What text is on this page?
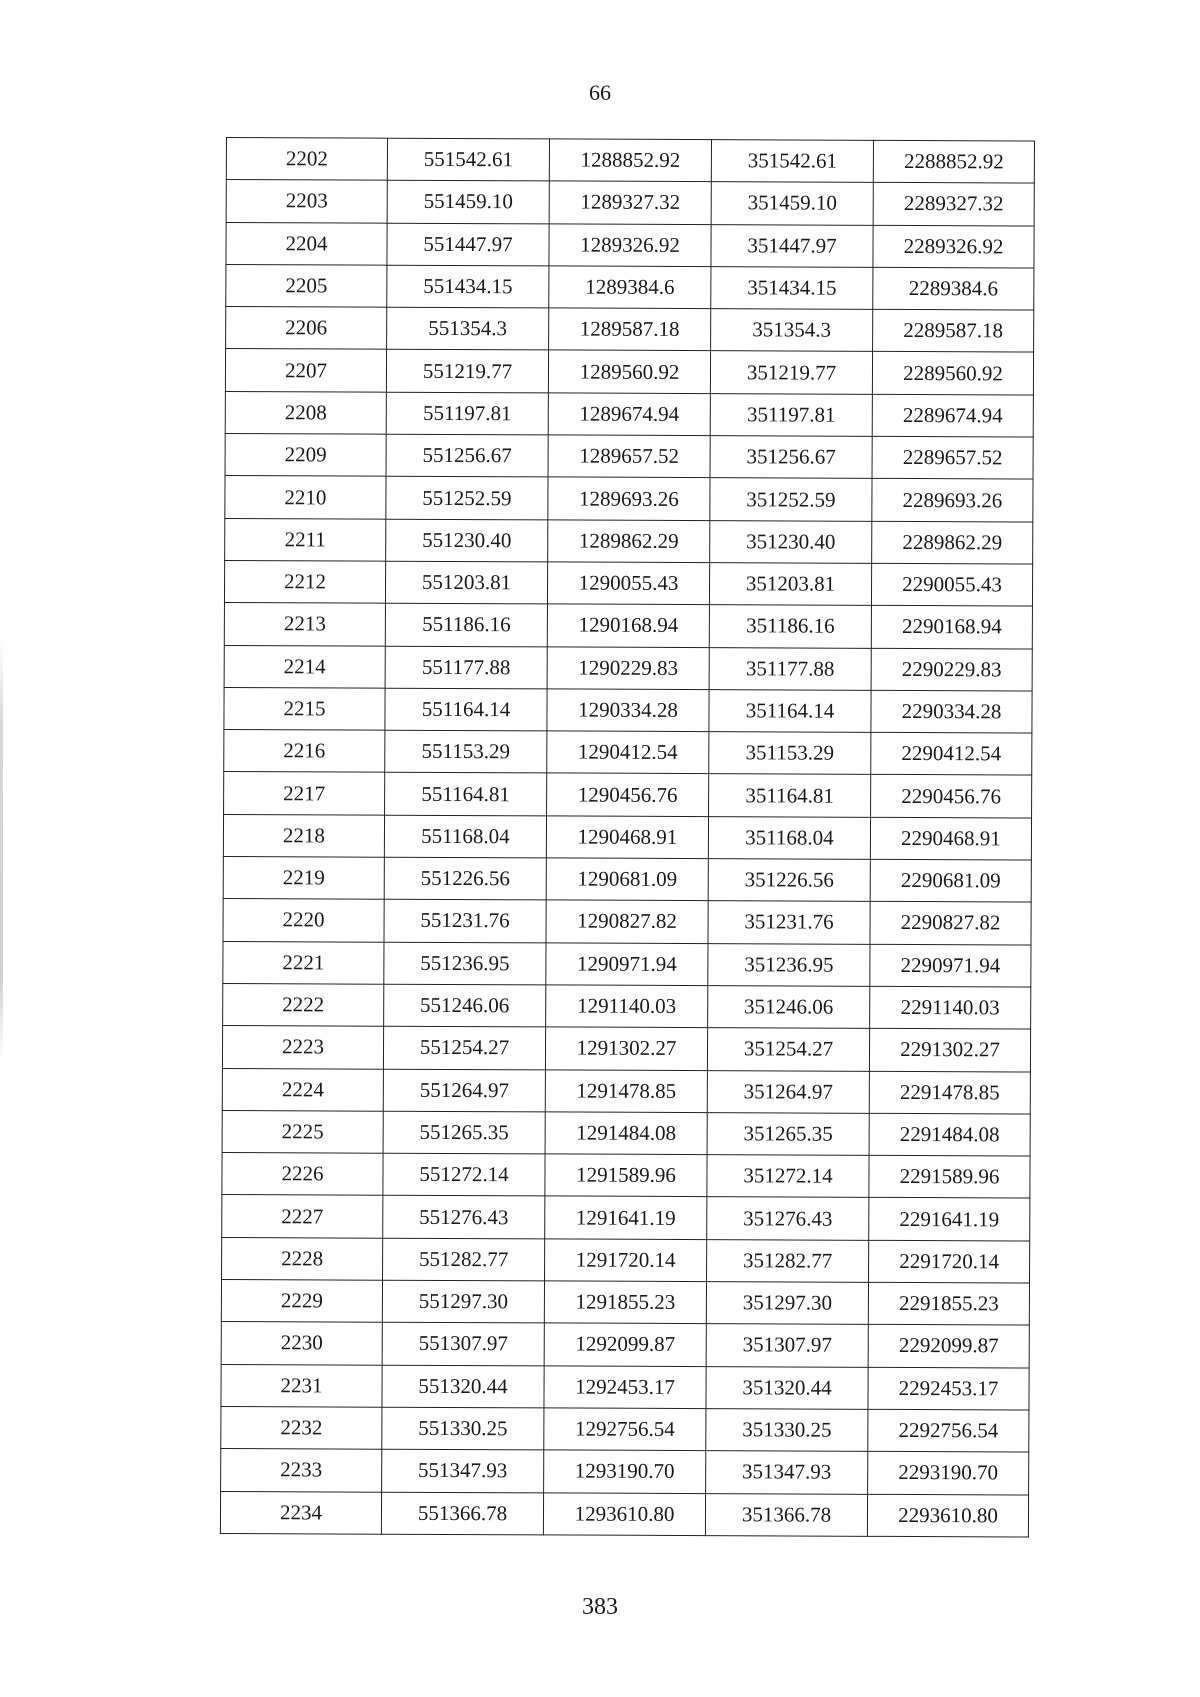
66
2202	551542.61	1288852.92	351542.61	2288852.92
2203	551459.10	1289327.32	351459.10	2289327.32
2204	551447.97	1289326.92	351447.97	2289326.92
2205	551434.15	1289384.6	351434.15	2289384.6
2206	551354.3	1289587.18	351354.3	2289587.18
2207	551219.77	1289560.92	351219.77	2289560.92
2208	551197.81	1289674.94	351197.81	2289674.94
2209	551256.67	1289657.52	351256.67	2289657.52
2210	551252.59	1289693.26	351252.59	2289693.26
2211	551230.40	1289862.29	351230.40	2289862.29
2212	551203.81	1290055.43	351203.81	2290055.43
2213	551186.16	1290168.94	351186.16	2290168.94
2214	551177.88	1290229.83	351177.88	2290229.83
2215	551164.14	1290334.28	351164.14	2290334.28
2216	551153.29	1290412.54	351153.29	2290412.54
2217	551164.81	1290456.76	351164.81	2290456.76
2218	551168.04	1290468.91	351168.04	2290468.91
2219	551226.56	1290681.09	351226.56	2290681.09
2220	551231.76	1290827.82	351231.76	2290827.82
2221	551236.95	1290971.94	351236.95	2290971.94
2222	551246.06	1291140.03	351246.06	2291140.03
2223	551254.27	1291302.27	351254.27	2291302.27
2224	551264.97	1291478.85	351264.97	2291478.85
2225	551265.35	1291484.08	351265.35	2291484.08
2226	551272.14	1291589.96	351272.14	2291589.96
2227	551276.43	1291641.19	351276.43	2291641.19
2228	551282.77	1291720.14	351282.77	2291720.14
2229	551297.30	1291855.23	351297.30	2291855.23
2230	551307.97	1292099.87	351307.97	2292099.87
2231	551320.44	1292453.17	351320.44	2292453.17
2232	551330.25	1292756.54	351330.25	2292756.54
2233	551347.93	1293190.70	351347.93	2293190.70
2234	551366.78	1293610.80	351366.78	2293610.80
383
